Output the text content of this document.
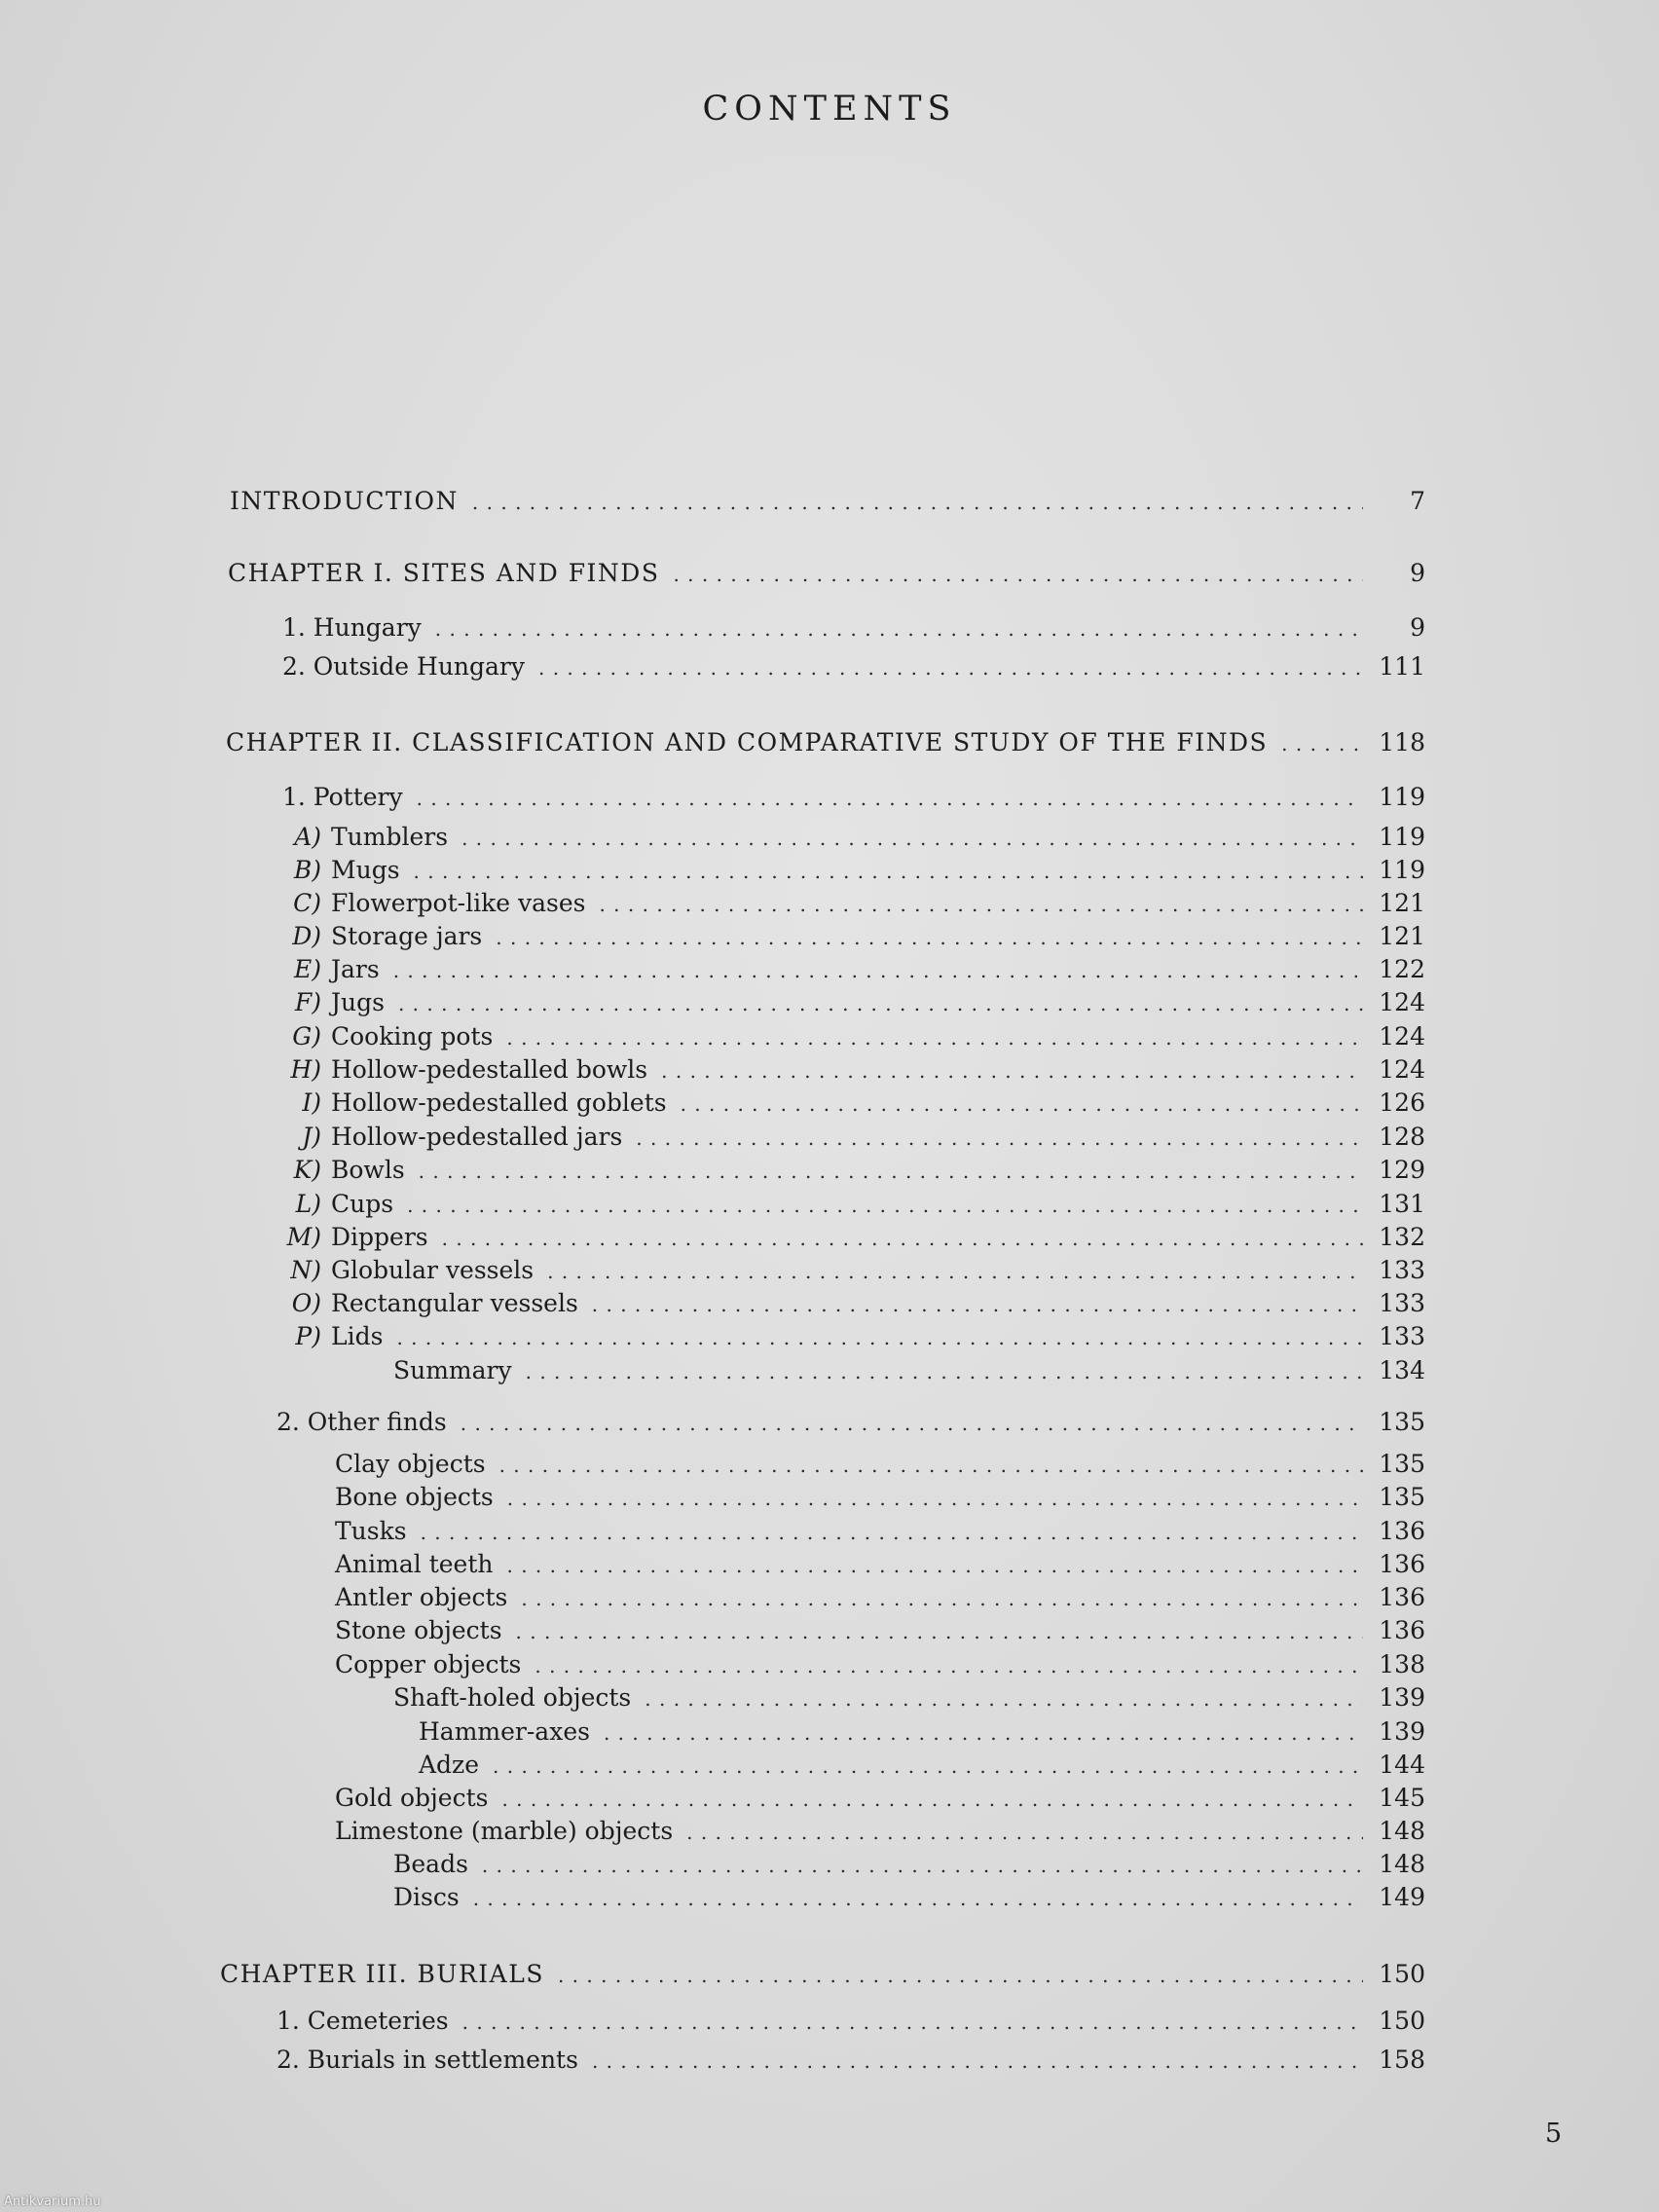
CONTENTS
INTRODUCTION . . .	7
CHAPTER I. SITES AND FINDS . . .	9
1. Hungary . . .	9
2. Outside Hungary . . .	111
CHAPTER II. CLASSIFICATION AND COMPARATIVE STUDY OF THE FINDS . . .	118
1. Pottery . . .	119
A) Tumblers . . .	119
B) Mugs . . .	119
C) Flowerpot-like vases . . .	121
D) Storage jars . . .	121
E) Jars . . .	122
F) Jugs . . .	124
G) Cooking pots . . .	124
H) Hollow-pedestalled bowls . . .	124
I) Hollow-pedestalled goblets . . .	126
J) Hollow-pedestalled jars . . .	128
K) Bowls . . .	129
L) Cups . . .	131
M) Dippers . . .	132
N) Globular vessels . . .	133
O) Rectangular vessels . . .	133
P) Lids . . .	133
Summary . . .	134
2. Other finds . . .	135
Clay objects . . .	135
Bone objects . . .	135
Tusks . . .	136
Animal teeth . . .	136
Antler objects . . .	136
Stone objects . . .	136
Copper objects . . .	138
Shaft-holed objects . . .	139
Hammer-axes . . .	139
Adze . . .	144
Gold objects . . .	145
Limestone (marble) objects . . .	148
Beads . . .	148
Discs . . .	149
CHAPTER III. BURIALS . . .	150
1. Cemeteries . . .	150
2. Burials in settlements . . .	158
5
Antikvarium.hu
